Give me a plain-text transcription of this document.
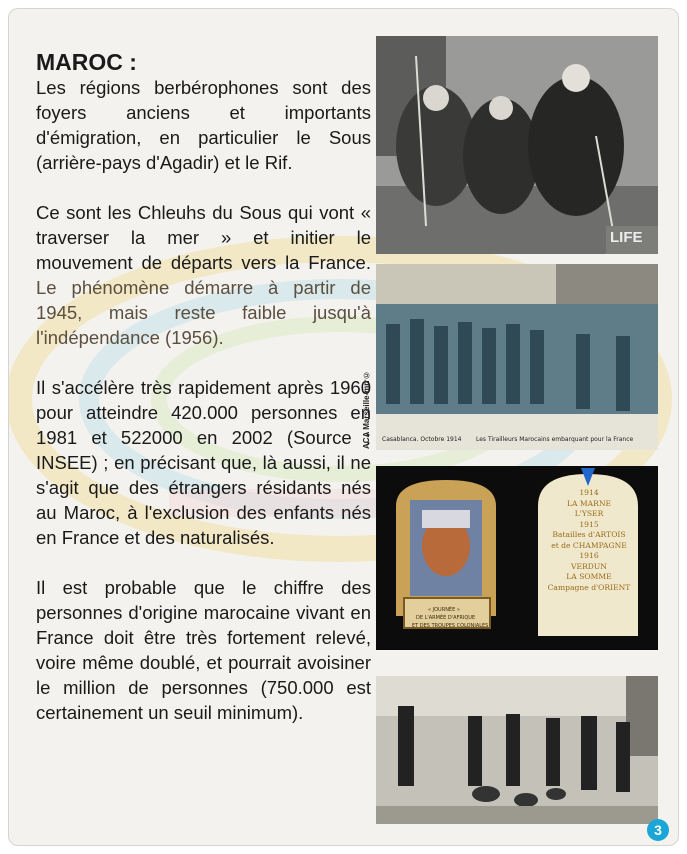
MAROC :

Les régions berbérophones sont des foyers anciens et importants d'émigration, en particulier le Sous (arrière-pays d'Agadir) et le Rif.

Ce sont les Chleuhs du Sous qui vont « traverser la mer » et initier le mouvement de départs vers la France. Le phénomène démarre à partir de 1945, mais reste faible jusqu'à l'indépendance (1956).

Il s'accélère très rapidement après 1960 pour atteindre 420.000 personnes en 1981 et 522000 en 2002 (Source : INSEE) ; en précisant que, là aussi, il ne s'agit que des étrangers résidants nés au Maroc, à l'exclusion des enfants nés en France et des naturalisés.

Il est probable que le chiffre des personnes d'origine marocaine vivant en France doit être très fortement relevé, voire même doublé, et pourrait avoisiner le million de personnes (750.000 est certainement un seuil minimum).

LIFE
ACA Marseille-mrr©	Casablanca. Octobre 1914 Les Tirailleurs Marocains embarquant pour la France
« JOURNÉE »
DE L'ARMÉE D'AFRIQUE
ET DES TROUPES COLONIALES
1914
LA MARNE
L'YSER
1915
Batailles d'ARTOIS
et de CHAMPAGNE
1916
VERDUN
LA SOMME
Campagne d'ORIENT
3
